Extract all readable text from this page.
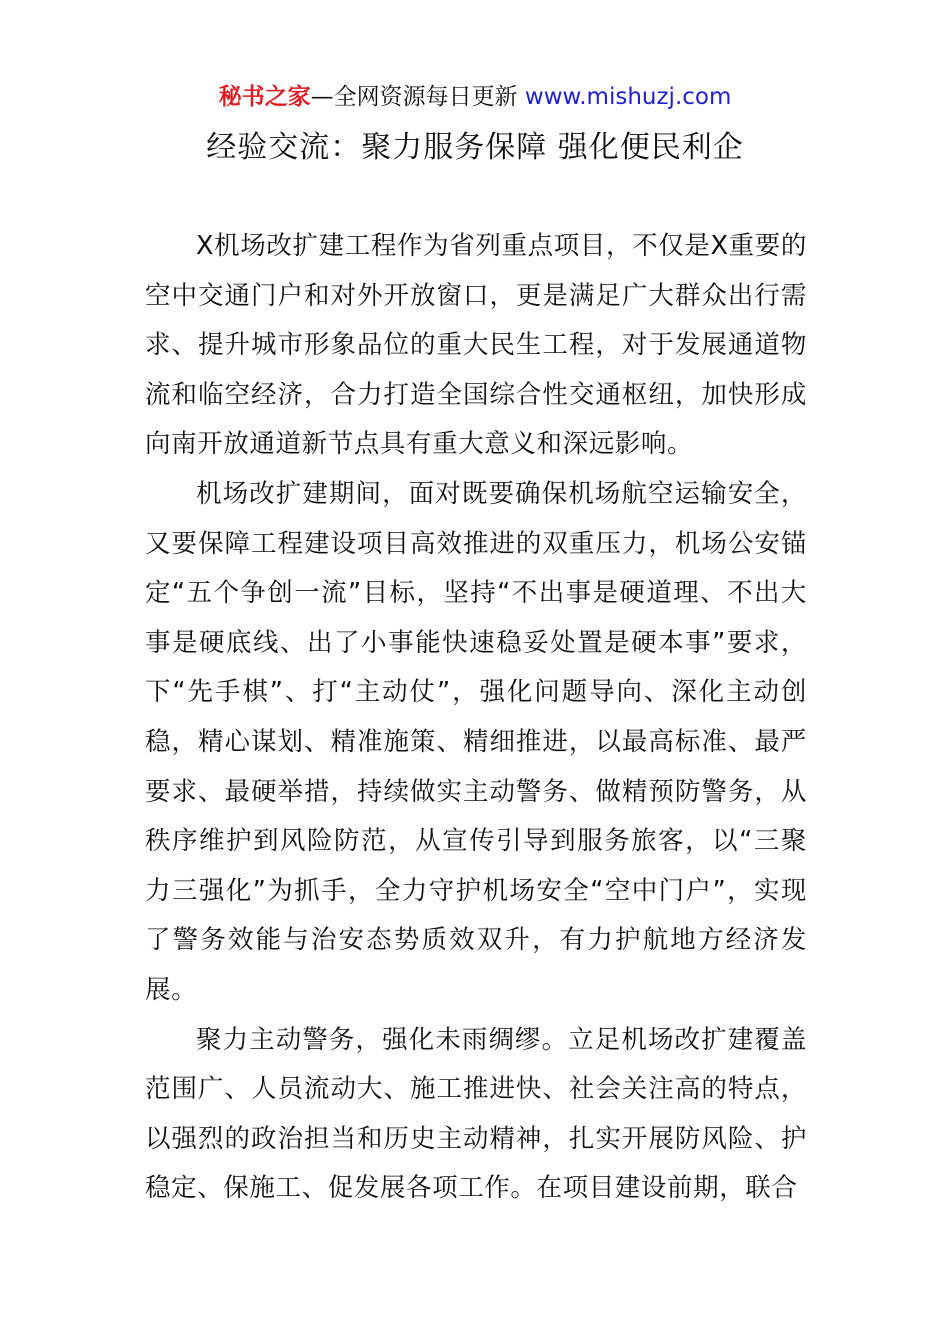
秘书之家—全网资源每日更新 www.mishuzj.com
经验交流：聚力服务保障 强化便民利企

X机场改扩建工程作为省列重点项目，不仅是X重要的空中交通门户和对外开放窗口，更是满足广大群众出行需求、提升城市形象品位的重大民生工程，对于发展通道物流和临空经济，合力打造全国综合性交通枢纽，加快形成向南开放通道新节点具有重大意义和深远影响。

机场改扩建期间，面对既要确保机场航空运输安全，又要保障工程建设项目高效推进的双重压力，机场公安锚定“五个争创一流”目标，坚持“不出事是硬道理、不出大事是硬底线、出了小事能快速稳妥处置是硬本事”要求，下“先手棋”、打“主动仗”，强化问题导向、深化主动创稳，精心谋划、精准施策、精细推进，以最高标准、最严要求、最硬举措，持续做实主动警务、做精预防警务，从秩序维护到风险防范，从宣传引导到服务旅客，以“三聚力三强化”为抓手，全力守护机场安全“空中门户”，实现了警务效能与治安态势质效双升，有力护航地方经济发展。

聚力主动警务，强化未雨绸缪。立足机场改扩建覆盖范围广、人员流动大、施工推进快、社会关注高的特点，以强烈的政治担当和历史主动精神，扎实开展防风险、护稳定、保施工、促发展各项工作。在项目建设前期，联合
